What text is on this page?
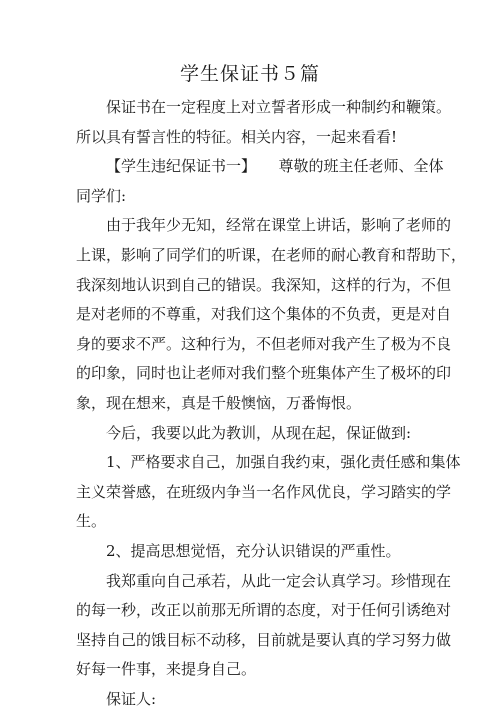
学生保证书５篇
保证书在一定程度上对立誓者形成一种制约和鞭策。
所以具有誓言性的特征。相关内容，一起来看看!
【学生违纪保证书一】　　尊敬的班主任老师、全体
同学们:
由于我年少无知，经常在课堂上讲话，影响了老师的
上课，影响了同学们的听课，在老师的耐心教育和帮助下，
我深刻地认识到自己的错误。我深知，这样的行为，不但
是对老师的不尊重，对我们这个集体的不负责，更是对自
身的要求不严。这种行为，不但老师对我产生了极为不良
的印象，同时也让老师对我们整个班集体产生了极坏的印
象，现在想来，真是千般懊恼，万番悔恨。
今后，我要以此为教训，从现在起，保证做到:
1、严格要求自己，加强自我约束，强化责任感和集体
主义荣誉感，在班级内争当一名作风优良，学习踏实的学
生。
2、提高思想觉悟，充分认识错误的严重性。
我郑重向自己承若，从此一定会认真学习。珍惜现在
的每一秒，改正以前那无所谓的态度，对于任何引诱绝对
坚持自己的饿目标不动移，目前就是要认真的学习努力做
好每一件事，来提身自己。
保证人:
